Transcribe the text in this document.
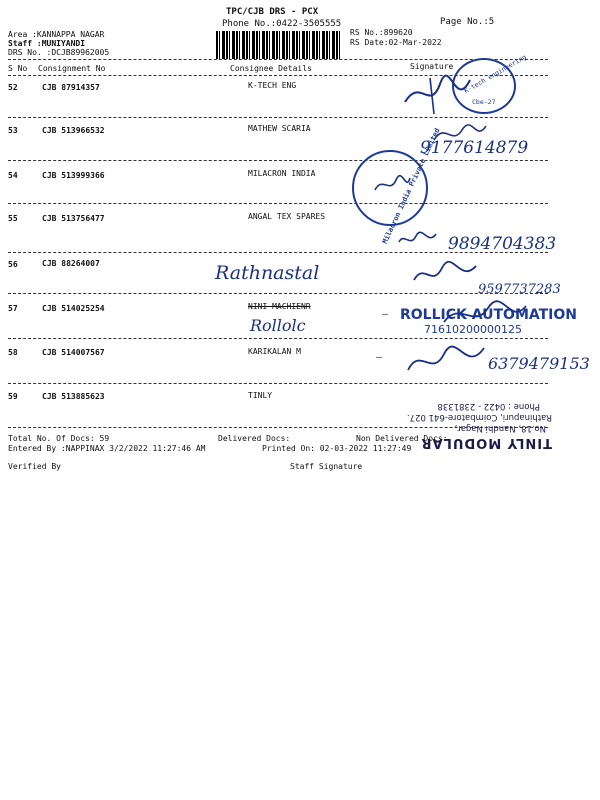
TPC/CJB DRS - PCX
Phone No.:0422-3505555	Page No.:5
Area :KANNAPPA NAGAR
Staff :MUNIYANDI
DRS No. :DCJB89962005
RS No.:899620
RS Date:02-Mar-2022
S No Consignment No	Consignee Details	Signature
52	CJB 87914357	K-TECH ENG
53	CJB 513966532	MATHEW SCARIA
54	CJB 513999366	MILACRON INDIA
55	CJB 513756477	ANGAL TEX SPARES
56	CJB 88264007
57	CJB 514025254	NINI MACHIENR
58	CJB 514007567	KARIKALAN M
59	CJB 513885623	TINLY
K-tech engineering
Cbe-27
9177614879
Milacron India Private Limited 9894704383
Rathnastal
9597737283
Rollolc
— ROLLICK AUTOMATION
71610200000125
—	6379479153
TINLY MODULAR
No.18, Nandhi Nagar,
Rathinapuri, Coimbatore-641 027.
Phone : 0422 - 2381338
Total No. Of Docs: 59	Delivered Docs:	Non Delivered Docs:
Entered By :NAPPINAX 3/2/2022 11:27:46 AM	Printed On: 02-03-2022 11:27:49
Verified By	Staff Signature
